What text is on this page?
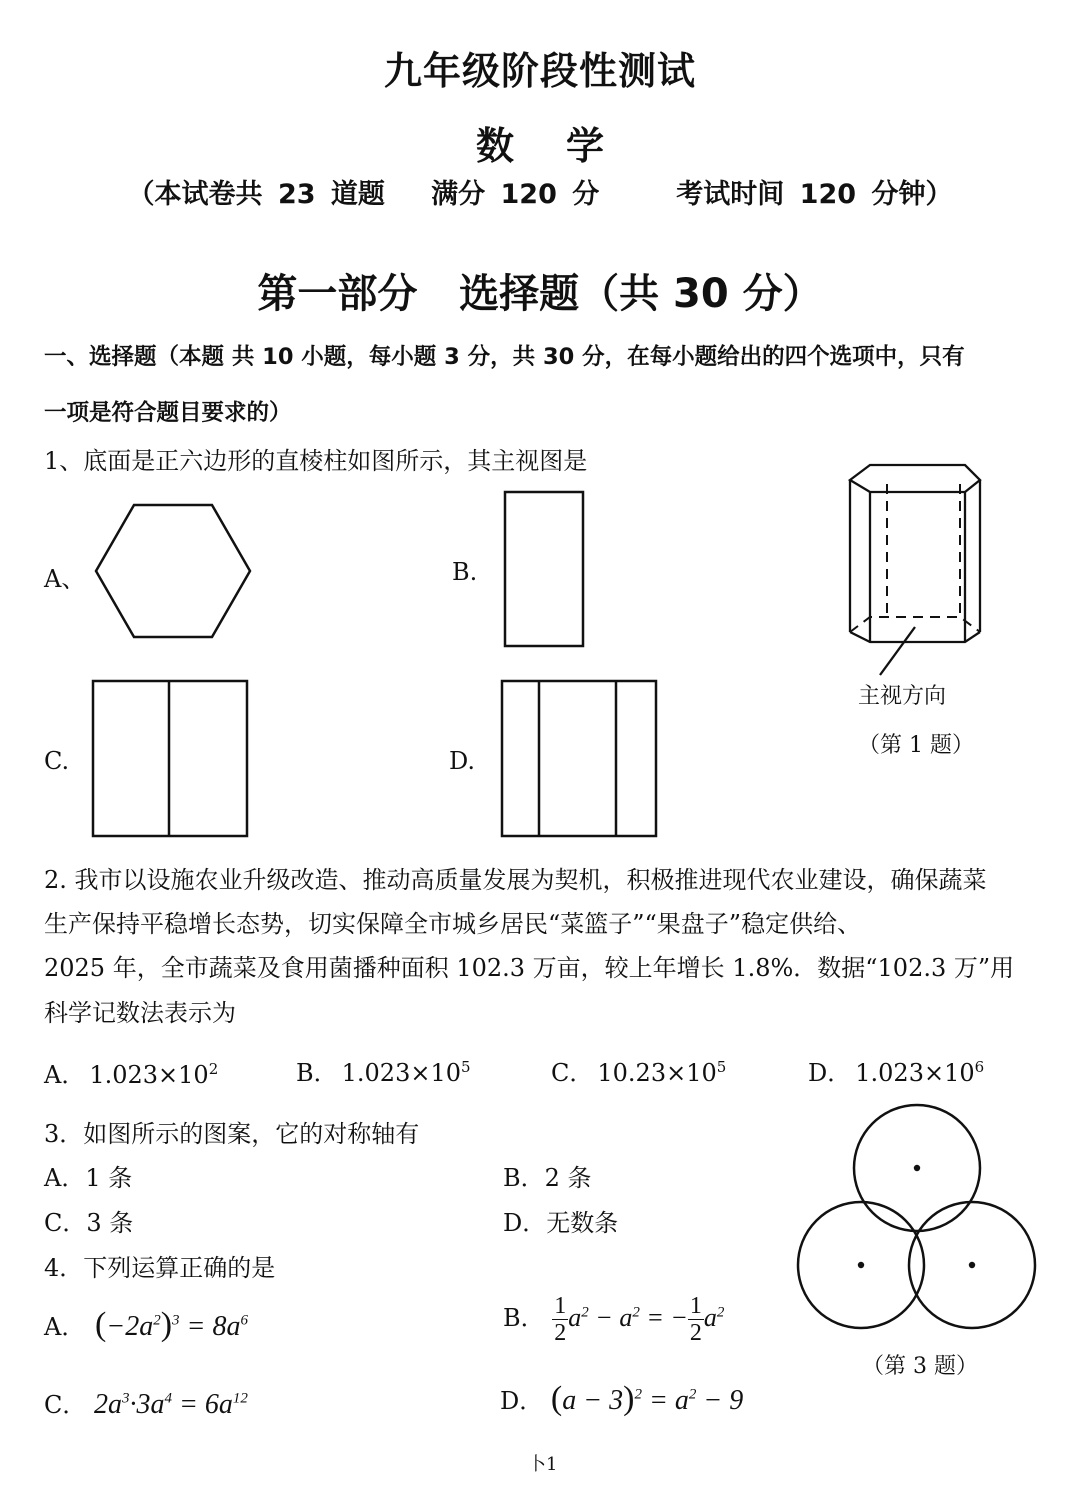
九年级阶段性测试
数学
（本试卷共 23 道题   满分 120 分     考试时间 120 分钟）
第一部分   选择题（共 30 分）
一、选择题（本题 共 10 小题，每小题 3 分，共 30 分，在每小题给出的四个选项中，只有
一项是符合题目要求的）
1、底面是正六边形的直棱柱如图所示，其主视图是
A、	B.
C.	D.
主视方向
（第 1 题）
2. 我市以设施农业升级改造、推动高质量发展为契机，积极推进现代农业建设，确保蔬菜
生产保持平稳增长态势，切实保障全市城乡居民“菜篮子”“果盘子”稳定供给、
2025 年，全市蔬菜及食用菌播种面积 102.3 万亩，较上年增长 1.8%．数据“102.3 万”用
科学记数法表示为
A． $1.023\times 10^2$	B． $1.023\times 10^5$	C． $10.23\times 10^5$	D． $1.023\times 10^6$
3．如图所示的图案，它的对称轴有
A．1 条	B．2 条
C．3 条	D．无数条
（第 3 题）
4．下列运算正确的是
A． $(-2a^2)^3 = 8a^6$	B． $\frac{1}{2} a^2 - a^2$ = − $\frac{1}{2} a^2$
C． $2a^3\cdot 3a^4 = 6a^{12}$	D． $(a - 3)^2 = a^2 - 9$
卜1
